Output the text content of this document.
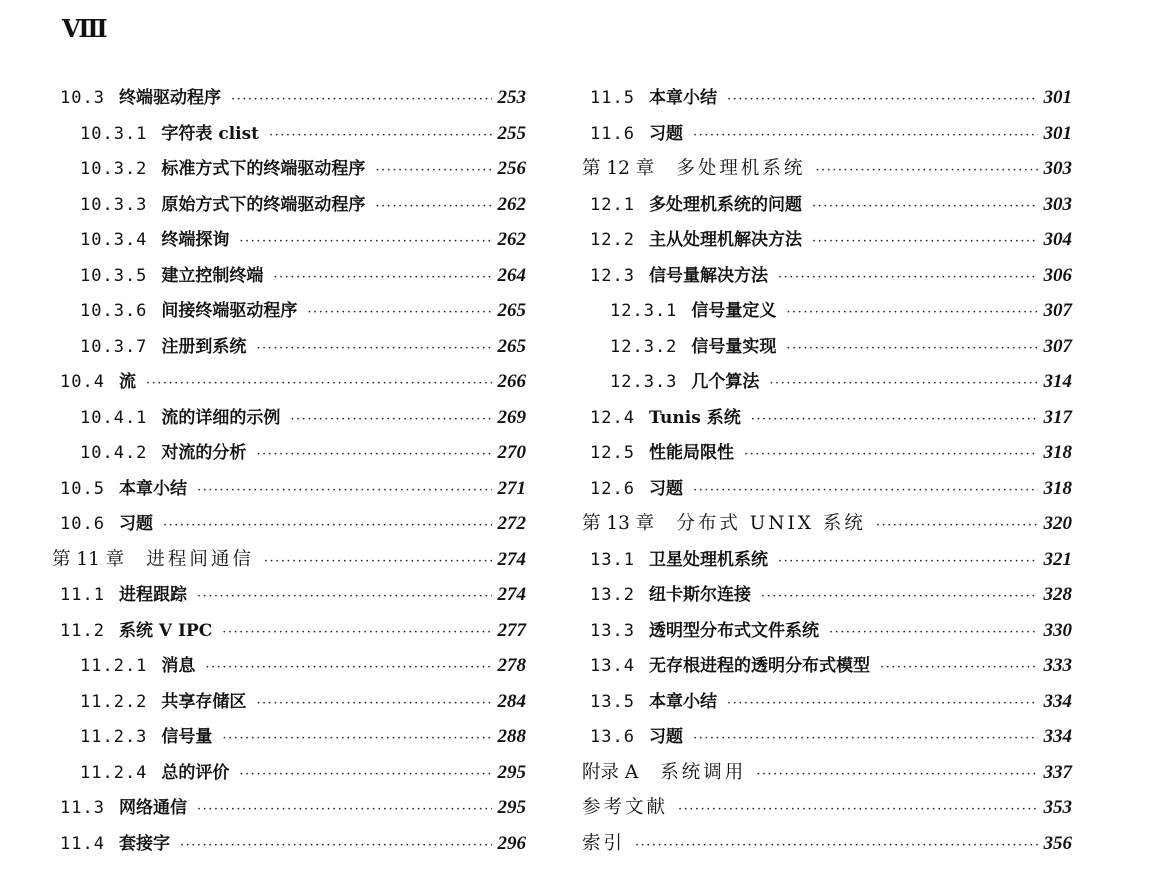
Ⅷ
10.3 终端驱动程序 ·····	253
10.3.1 字符表 clist ·····	255
10.3.2 标准方式下的终端驱动程序 ·····	256
10.3.3 原始方式下的终端驱动程序 ·····	262
10.3.4 终端探询 ·····	262
10.3.5 建立控制终端 ·····	264
10.3.6 间接终端驱动程序 ·····	265
10.3.7 注册到系统 ·····	265
10.4 流 ·····	266
10.4.1 流的详细的示例 ·····	269
10.4.2 对流的分析 ·····	270
10.5 本章小结 ·····	271
10.6 习题 ·····	272
第 11 章 进程间通信 ·····	274
11.1 进程跟踪 ·····	274
11.2 系统 V IPC ·····	277
11.2.1 消息 ·····	278
11.2.2 共享存储区 ·····	284
11.2.3 信号量 ·····	288
11.2.4 总的评价 ·····	295
11.3 网络通信 ·····	295
11.4 套接字 ·····	296
11.5 本章小结 ·····	301
11.6 习题 ·····	301
第 12 章 多处理机系统 ·····	303
12.1 多处理机系统的问题 ·····	303
12.2 主从处理机解决方法 ·····	304
12.3 信号量解决方法 ·····	306
12.3.1 信号量定义 ·····	307
12.3.2 信号量实现 ·····	307
12.3.3 几个算法 ·····	314
12.4 Tunis 系统 ·····	317
12.5 性能局限性 ·····	318
12.6 习题 ·····	318
第 13 章 分布式 UNIX 系统 ·····	320
13.1 卫星处理机系统 ·····	321
13.2 纽卡斯尔连接 ·····	328
13.3 透明型分布式文件系统 ·····	330
13.4 无存根进程的透明分布式模型 ·····	333
13.5 本章小结 ·····	334
13.6 习题 ·····	334
附录 A 系统调用 ·····	337
参考文献 ·····	353
索引 ·····	356
